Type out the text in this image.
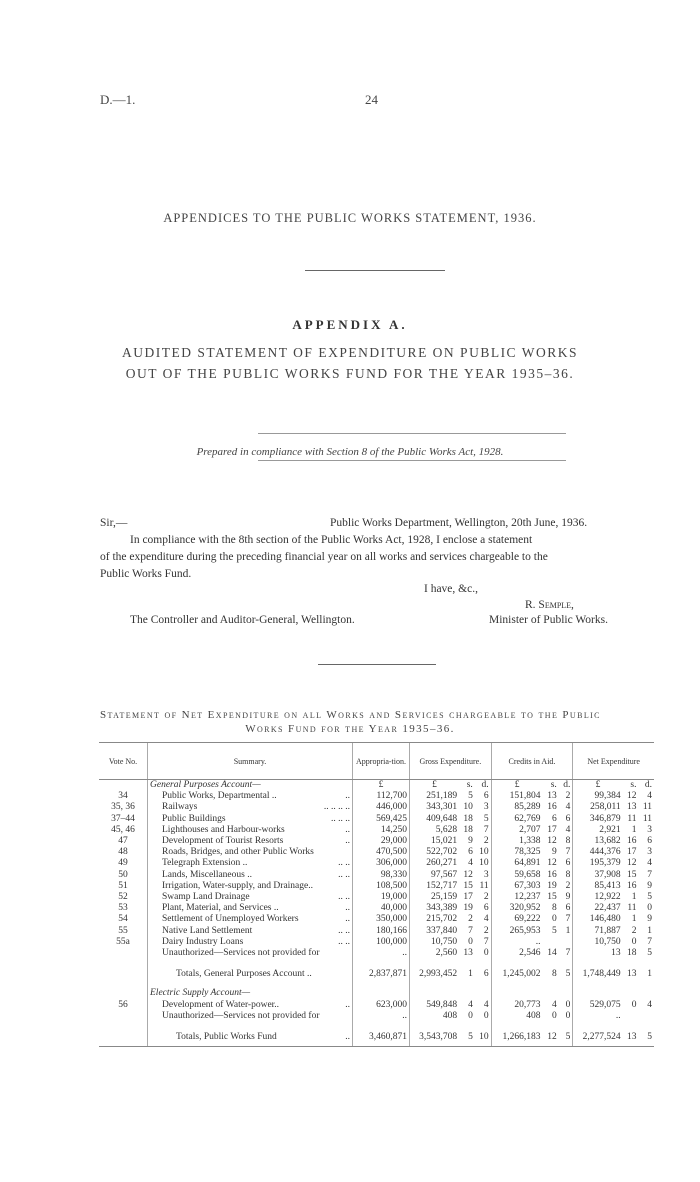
D.—1.	24
APPENDICES TO THE PUBLIC WORKS STATEMENT, 1936.
APPENDIX A.
AUDITED STATEMENT OF EXPENDITURE ON PUBLIC WORKS
OUT OF THE PUBLIC WORKS FUND FOR THE YEAR 1935–36.
Prepared in compliance with Section 8 of the Public Works Act, 1928.
Sir,—	Public Works Department, Wellington, 20th June, 1936.
In compliance with the 8th section of the Public Works Act, 1928, I enclose a statement
of the expenditure during the preceding financial year on all works and services chargeable to the
Public Works Fund.
I have, &c.,
R. Semple,
The Controller and Auditor-General, Wellington.	Minister of Public Works.
Statement of Net Expenditure on all Works and Services chargeable to the Public
Works Fund for the Year 1935–36.
Vote No.	Summary.	Appropria-tion.	Gross Expenditure.			Credits in Aid.			Net Expenditure		
	General Purposes Account—	£	£	s.	d.	£	s.	d.	£	s.	d.
34	Public Works, Departmental .. ..	112,700	251,189	5	6	151,804	13	2	99,384	12	4
35, 36	Railways .. .. .. ..	446,000	343,301	10	3	85,289	16	4	258,011	13	11
37–44	Public Buildings .. .. ..	569,425	409,648	18	5	62,769	6	6	346,879	11	11
45, 46	Lighthouses and Harbour-works ..	14,250	5,628	18	7	2,707	17	4	2,921	1	3
47	Development of Tourist Resorts ..	29,000	15,021	9	2	1,338	12	8	13,682	16	6
48	Roads, Bridges, and other Public Works	470,500	522,702	6	10	78,325	9	7	444,376	17	3
49	Telegraph Extension .. .. ..	306,000	260,271	4	10	64,891	12	6	195,379	12	4
50	Lands, Miscellaneous .. .. ..	98,330	97,567	12	3	59,658	16	8	37,908	15	7
51	Irrigation, Water-supply, and Drainage..	108,500	152,717	15	11	67,303	19	2	85,413	16	9
52	Swamp Land Drainage .. ..	19,000	25,159	17	2	12,237	15	9	12,922	1	5
53	Plant, Material, and Services .. ..	40,000	343,389	19	6	320,952	8	6	22,437	11	0
54	Settlement of Unemployed Workers ..	350,000	215,702	2	4	69,222	0	7	146,480	1	9
55	Native Land Settlement .. ..	180,166	337,840	7	2	265,953	5	1	71,887	2	1
55a	Dairy Industry Loans .. ..	100,000	10,750	0	7	..			10,750	0	7
	Unauthorized—Services not provided for	..	2,560	13	0	2,546	14	7	13	18	5

	Totals, General Purposes Account ..	2,837,871	2,993,452	1	6	1,245,002	8	5	1,748,449	13	1

	Electric Supply Account—										
56	Development of Water-power.. ..	623,000	549,848	4	4	20,773	4	0	529,075	0	4
	Unauthorized—Services not provided for	..	408	0	0	408	0	0	..		

	Totals, Public Works Fund ..	3,460,871	3,543,708	5	10	1,266,183	12	5	2,277,524	13	5
